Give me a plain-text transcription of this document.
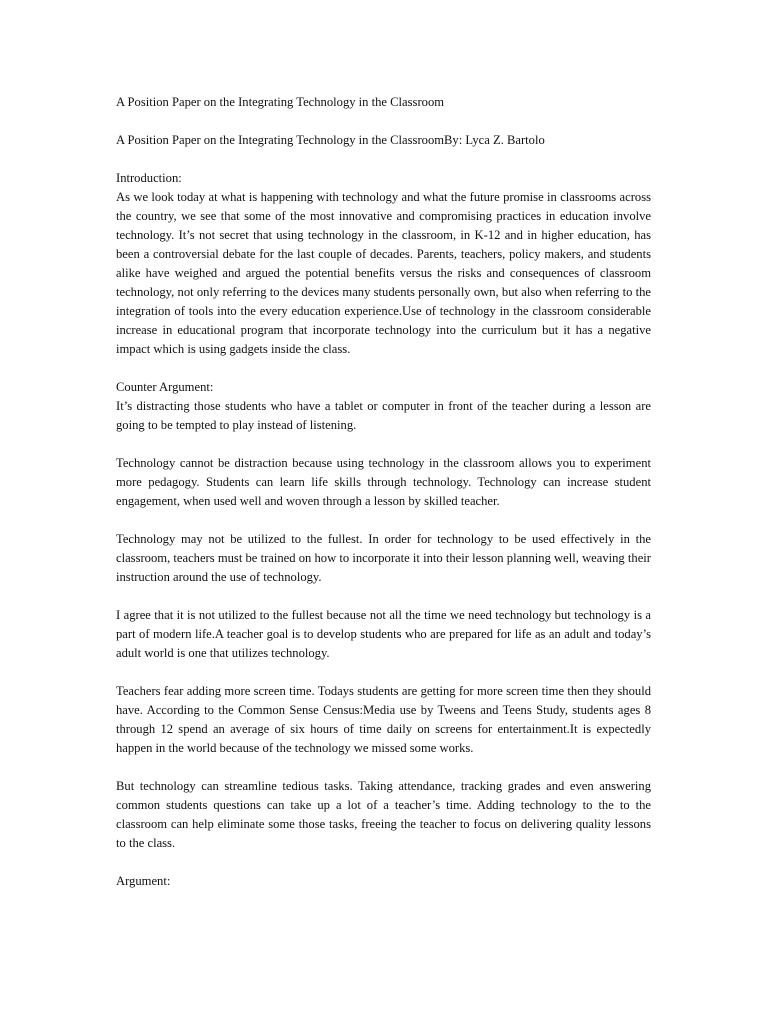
A Position Paper on the Integrating Technology in the Classroom

A Position Paper on the Integrating Technology in the ClassroomBy: Lyca Z. Bartolo

Introduction:

As we look today at what is happening with technology and what the future promise in classrooms across the country, we see that some of the most innovative and compromising practices in education involve technology. It’s not secret that using technology in the classroom, in K-12 and in higher education, has been a controversial debate for the last couple of decades. Parents, teachers, policy makers, and students alike have weighed and argued the potential benefits versus the risks and consequences of classroom technology, not only referring to the devices many students personally own, but also when referring to the integration of tools into the every education experience.Use of technology in the classroom considerable increase in educational program that incorporate technology into the curriculum but it has a negative impact which is using gadgets inside the class.

Counter Argument:

It’s distracting those students who have a tablet or computer in front of the teacher during a lesson are going to be tempted to play instead of listening.

Technology cannot be distraction because using technology in the classroom allows you to experiment more pedagogy. Students can learn life skills through technology. Technology can increase student engagement, when used well and woven through a lesson by skilled teacher.

Technology may not be utilized to the fullest. In order for technology to be used effectively in the classroom, teachers must be trained on how to incorporate it into their lesson planning well, weaving their instruction around the use of technology.

I agree that it is not utilized to the fullest because not all the time we need technology but technology is a part of modern life.A teacher goal is to develop students who are prepared for life as an adult and today’s adult world is one that utilizes technology.

Teachers fear adding more screen time. Todays students are getting for more screen time then they should have. According to the Common Sense Census:Media use by Tweens and Teens Study, students ages 8 through 12 spend an average of six hours of time daily on screens for entertainment.It is expectedly happen in the world because of the technology we missed some works.

But technology can streamline tedious tasks. Taking attendance, tracking grades and even answering common students questions can take up a lot of a teacher’s time. Adding technology to the to the classroom can help eliminate some those tasks, freeing the teacher to focus on delivering quality lessons to the class.

Argument:
